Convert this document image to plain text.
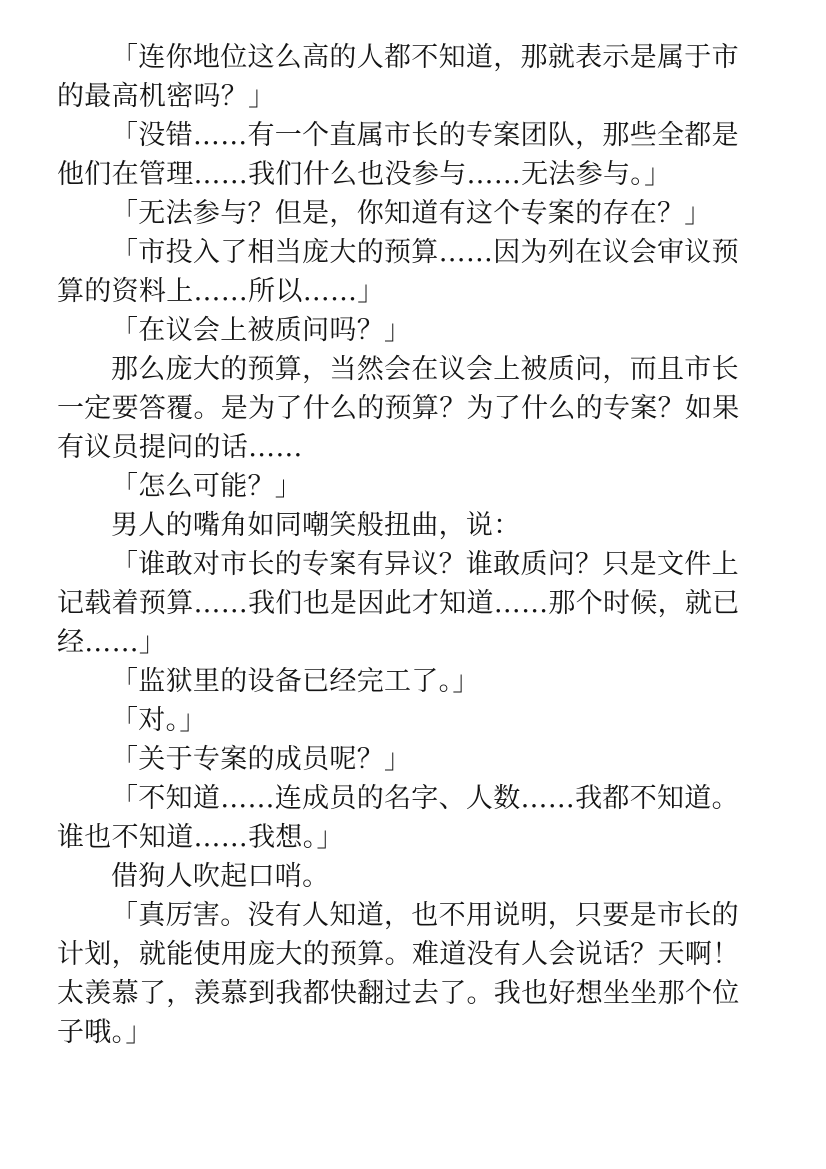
「连你地位这么高的人都不知道，那就表示是属于市的最高机密吗？」

「没错……有一个直属市长的专案团队，那些全都是他们在管理……我们什么也没参与……无法参与。」

「无法参与？但是，你知道有这个专案的存在？」

「市投入了相当庞大的预算……因为列在议会审议预算的资料上……所以……」

「在议会上被质问吗？」

那么庞大的预算，当然会在议会上被质问，而且市长一定要答覆。是为了什么的预算？为了什么的专案？如果有议员提问的话……

「怎么可能？」

男人的嘴角如同嘲笑般扭曲，说：

「谁敢对市长的专案有异议？谁敢质问？只是文件上记载着预算……我们也是因此才知道……那个时候，就已经……」

「监狱里的设备已经完工了。」

「对。」

「关于专案的成员呢？」

「不知道……连成员的名字、人数……我都不知道。谁也不知道……我想。」

借狗人吹起口哨。

「真厉害。没有人知道，也不用说明，只要是市长的计划，就能使用庞大的预算。难道没有人会说话？天啊！太羡慕了，羡慕到我都快翻过去了。我也好想坐坐那个位子哦。」
